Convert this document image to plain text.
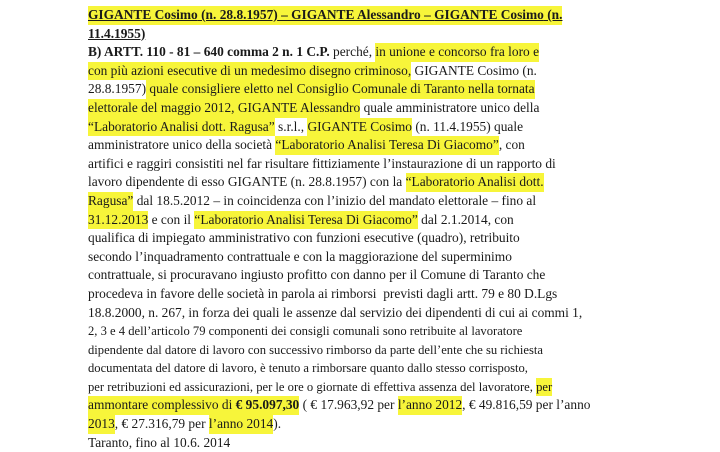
GIGANTE Cosimo (n. 28.8.1957) – GIGANTE Alessandro – GIGANTE Cosimo (n.
11.4.1955)
B) ARTT. 110 - 81 – 640 comma 2 n. 1 C.P. perché, in unione e concorso fra loro e
con più azioni esecutive di un medesimo disegno criminoso, GIGANTE Cosimo (n.
28.8.1957) quale consigliere eletto nel Consiglio Comunale di Taranto nella tornata
elettorale del maggio 2012, GIGANTE Alessandro quale amministratore unico della
“Laboratorio Analisi dott. Ragusa” s.r.l., GIGANTE Cosimo (n. 11.4.1955) quale
amministratore unico della società “Laboratorio Analisi Teresa Di Giacomo” , con
artifici e raggiri consistiti nel far risultare fittiziamente l’instaurazione di un rapporto di
lavoro dipendente di esso GIGANTE (n. 28.8.1957) con la “Laboratorio Analisi dott.
Ragusa” dal 18.5.2012 – in coincidenza con l’inizio del mandato elettorale – fino al
31.12.2013 e con il “Laboratorio Analisi Teresa Di Giacomo” dal 2.1.2014, con
qualifica di impiegato amministrativo con funzioni esecutive (quadro), retribuito
secondo l’inquadramento contrattuale e con la maggiorazione del superminimo
contrattuale, si procuravano ingiusto profitto con danno per il Comune di Taranto che
procedeva in favore delle società in parola ai rimborsi  previsti dagli artt. 79 e 80 D.Lgs
18.8.2000, n. 267, in forza dei quali le assenze dal servizio dei dipendenti di cui ai commi 1,
2, 3 e 4 dell’articolo 79 componenti dei consigli comunali sono retribuite al lavoratore
dipendente dal datore di lavoro con successivo rimborso da parte dell’ente che su richiesta
documentata del datore di lavoro, è tenuto a rimborsare quanto dallo stesso corrisposto,
per retribuzioni ed assicurazioni, per le ore o giornate di effettiva assenza del lavoratore, per
ammontare complessivo di € 95.097,30 ( € 17.963,92 per l’anno 2012 , € 49.816,59 per l’anno
2013 , € 27.316,79 per l’anno 2014 ).
Taranto, fino al 10.6. 2014
